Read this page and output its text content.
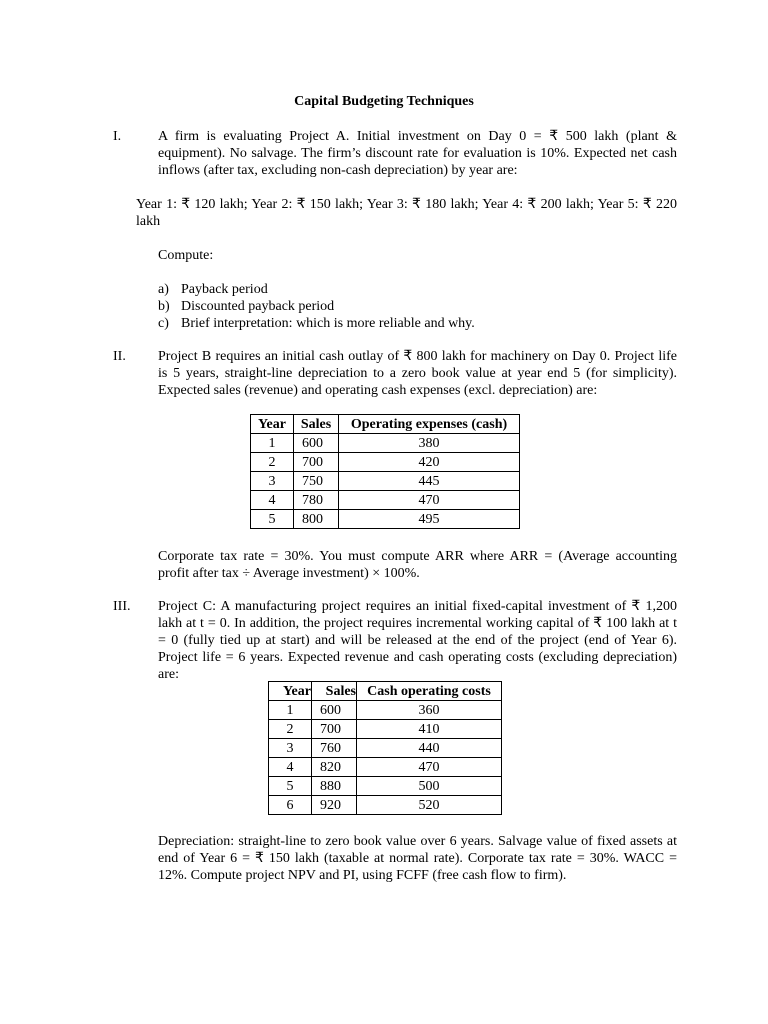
Capital Budgeting Techniques
I.	A firm is evaluating Project A. Initial investment on Day 0 = ₹ 500 lakh (plant & equipment). No salvage. The firm’s discount rate for evaluation is 10%. Expected net cash inflows (after tax, excluding non-cash depreciation) by year are:
Year 1: ₹ 120 lakh; Year 2: ₹ 150 lakh; Year 3: ₹ 180 lakh; Year 4: ₹ 200 lakh; Year 5: ₹ 220 lakh
Compute:
a) Payback period
b) Discounted payback period
c) Brief interpretation: which is more reliable and why.
II. Project B requires an initial cash outlay of ₹ 800 lakh for machinery on Day 0. Project life is 5 years, straight-line depreciation to a zero book value at year end 5 (for simplicity). Expected sales (revenue) and operating cash expenses (excl. depreciation) are:
Year	Sales	Operating expenses (cash)
1	600	380
2	700	420
3	750	445
4	780	470
5	800	495
Corporate tax rate = 30%. You must compute ARR where ARR = (Average accounting profit after tax ÷ Average investment) × 100%.
III. Project C: A manufacturing project requires an initial fixed-capital investment of ₹ 1,200 lakh at t = 0. In addition, the project requires incremental working capital of ₹ 100 lakh at t = 0 (fully tied up at start) and will be released at the end of the project (end of Year 6). Project life = 6 years. Expected revenue and cash operating costs (excluding depreciation) are:
Year	Sales	Cash operating costs
1	600	360
2	700	410
3	760	440
4	820	470
5	880	500
6	920	520
Depreciation: straight-line to zero book value over 6 years. Salvage value of fixed assets at end of Year 6 = ₹ 150 lakh (taxable at normal rate). Corporate tax rate = 30%. WACC = 12%. Compute project NPV and PI, using FCFF (free cash flow to firm).
